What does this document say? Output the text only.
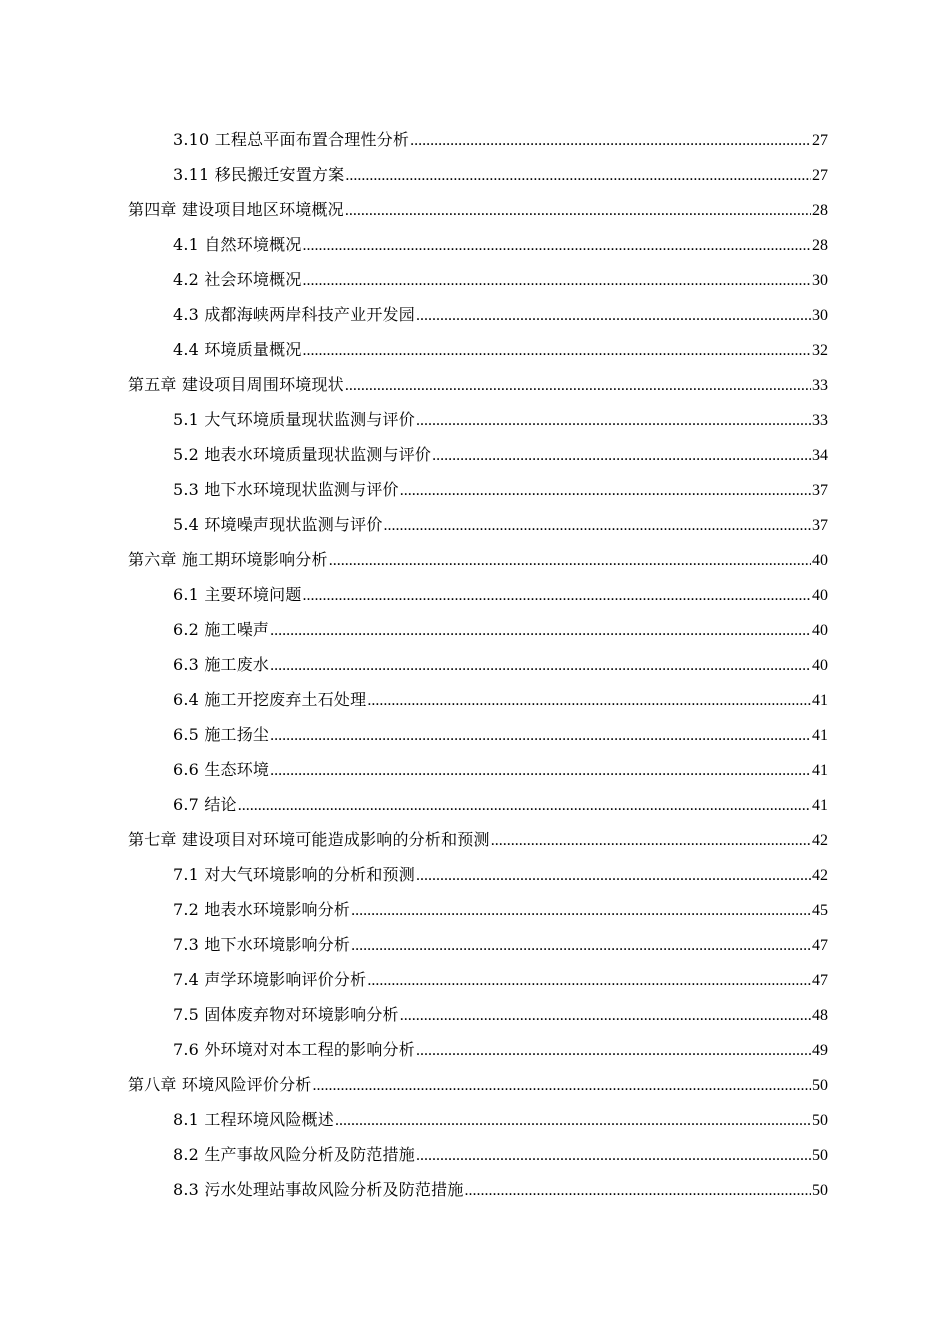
3.10 工程总平面布置合理性分析 .....	27
3.11 移民搬迁安置方案 .....	27
第四章 建设项目地区环境概况 .....	28
4.1 自然环境概况 .....	28
4.2 社会环境概况 .....	30
4.3 成都海峡两岸科技产业开发园 .....	30
4.4 环境质量概况 .....	32
第五章 建设项目周围环境现状 .....	33
5.1 大气环境质量现状监测与评价 .....	33
5.2 地表水环境质量现状监测与评价 .....	34
5.3 地下水环境现状监测与评价 .....	37
5.4 环境噪声现状监测与评价 .....	37
第六章 施工期环境影响分析 .....	40
6.1 主要环境问题 .....	40
6.2 施工噪声 .....	40
6.3 施工废水 .....	40
6.4 施工开挖废弃土石处理 .....	41
6.5 施工扬尘 .....	41
6.6 生态环境 .....	41
6.7 结论 .....	41
第七章 建设项目对环境可能造成影响的分析和预测 .....	42
7.1 对大气环境影响的分析和预测 .....	42
7.2 地表水环境影响分析 .....	45
7.3 地下水环境影响分析 .....	47
7.4 声学环境影响评价分析 .....	47
7.5 固体废弃物对环境影响分析 .....	48
7.6 外环境对对本工程的影响分析 .....	49
第八章 环境风险评价分析 .....	50
8.1 工程环境风险概述 .....	50
8.2 生产事故风险分析及防范措施 .....	50
8.3 污水处理站事故风险分析及防范措施 .....	50
